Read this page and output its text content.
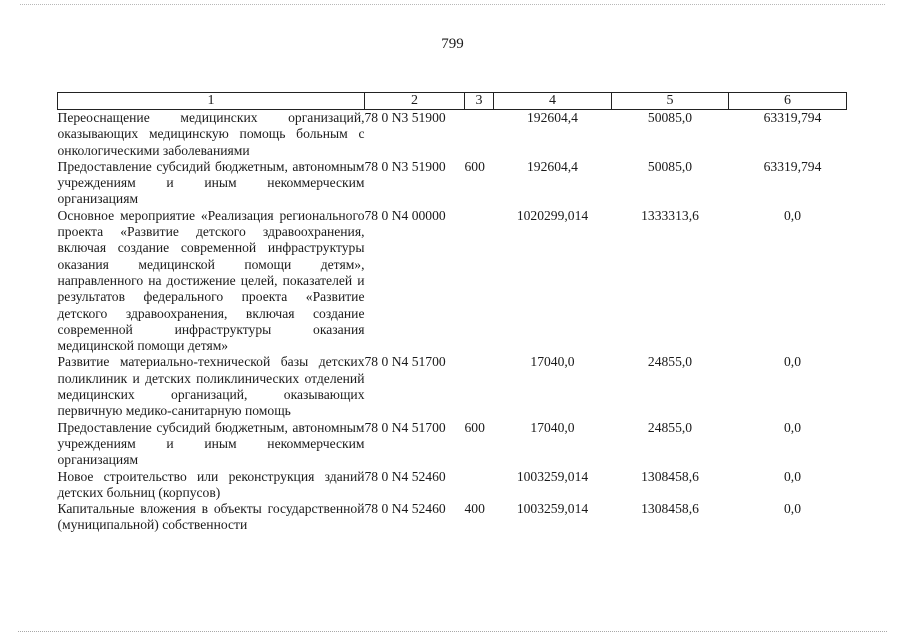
799
1	2	3	4	5	6
Переоснащение медицинских организаций, оказывающих медицинскую помощь больным с онкологическими заболеваниями	78 0 N3 51900		192604,4	50085,0	63319,794
Предоставление субсидий бюджетным, автономным учреждениям и иным некоммерческим организациям	78 0 N3 51900	600	192604,4	50085,0	63319,794
Основное мероприятие «Реализация регионального проекта «Развитие детского здравоохранения, включая создание современной инфраструктуры оказания медицинской помощи детям», направленного на достижение целей, показателей и результатов федерального проекта «Развитие детского здравоохранения, включая создание современной инфраструктуры оказания медицинской помощи детям»	78 0 N4 00000		1020299,014	1333313,6	0,0
Развитие материально-технической базы детских поликлиник и детских поликлинических отделений медицинских организаций, оказывающих первичную медико-санитарную помощь	78 0 N4 51700		17040,0	24855,0	0,0
Предоставление субсидий бюджетным, автономным учреждениям и иным некоммерческим организациям	78 0 N4 51700	600	17040,0	24855,0	0,0
Новое строительство или реконструкция зданий детских больниц (корпусов)	78 0 N4 52460		1003259,014	1308458,6	0,0
Капитальные вложения в объекты государственной (муниципальной) собственности	78 0 N4 52460	400	1003259,014	1308458,6	0,0
